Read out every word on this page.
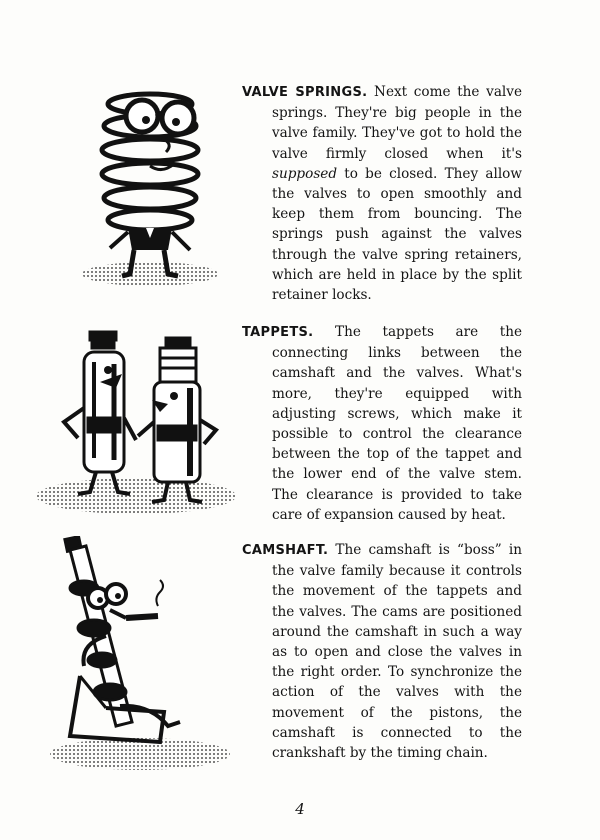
VALVE SPRINGS. Next come the valve springs. They're big people in the valve family. They've got to hold the valve firmly closed when it's supposed to be closed. They allow the valves to open smoothly and keep them from bouncing. The springs push against the valves through the valve spring retainers, which are held in place by the split retainer locks.

TAPPETS. The tappets are the connecting links between the camshaft and the valves. What's more, they're equipped with adjusting screws, which make it possible to control the clearance between the top of the tappet and the lower end of the valve stem. The clearance is provided to take care of expansion caused by heat.

CAMSHAFT. The camshaft is “boss” in the valve family because it controls the movement of the tappets and the valves. The cams are positioned around the camshaft in such a way as to open and close the valves in the right order. To synchronize the action of the valves with the movement of the pistons, the camshaft is connected to the crankshaft by the timing chain.

4
